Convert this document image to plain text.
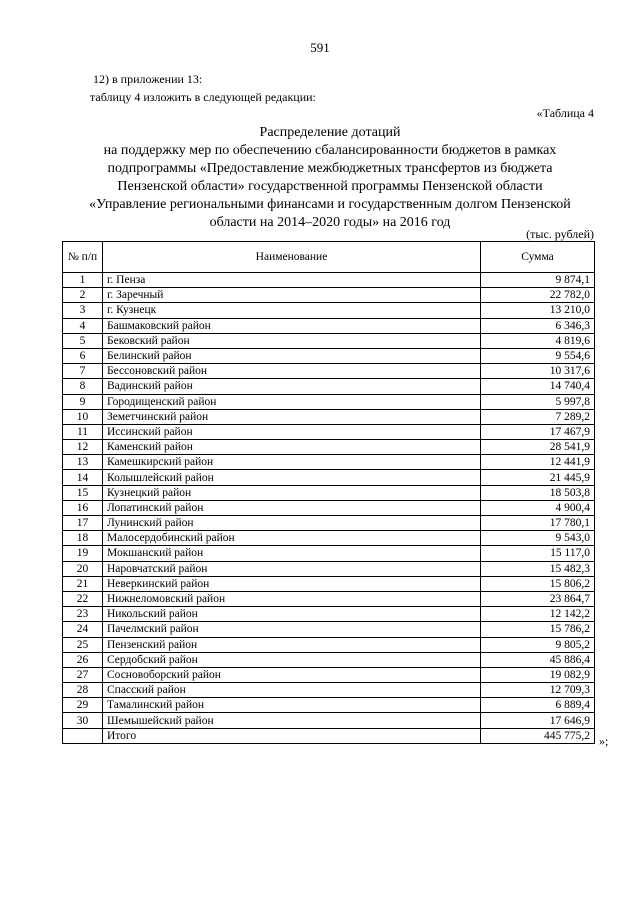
591
12) в приложении 13:
таблицу 4 изложить в следующей редакции:
«Таблица 4
Распределение дотаций
на поддержку мер по обеспечению сбалансированности бюджетов в рамках
подпрограммы «Предоставление межбюджетных трансфертов из бюджета
Пензенской области» государственной программы Пензенской области
«Управление региональными финансами и государственным долгом Пензенской
области на 2014–2020 годы» на 2016 год
(тыс. рублей)
№ п/п	Наименование	Сумма
1	г. Пенза	9 874,1
2	г. Заречный	22 782,0
3	г. Кузнецк	13 210,0
4	Башмаковский район	6 346,3
5	Бековский район	4 819,6
6	Белинский район	9 554,6
7	Бессоновский район	10 317,6
8	Вадинский район	14 740,4
9	Городищенский район	5 997,8
10	Земетчинский район	7 289,2
11	Иссинский район	17 467,9
12	Каменский район	28 541,9
13	Камешкирский район	12 441,9
14	Колышлейский район	21 445,9
15	Кузнецкий район	18 503,8
16	Лопатинский район	4 900,4
17	Лунинский район	17 780,1
18	Малосердобинский район	9 543,0
19	Мокшанский район	15 117,0
20	Наровчатский район	15 482,3
21	Неверкинский район	15 806,2
22	Нижнеломовский район	23 864,7
23	Никольский район	12 142,2
24	Пачелмский район	15 786,2
25	Пензенский район	9 805,2
26	Сердобский район	45 886,4
27	Сосновоборский район	19 082,9
28	Спасский район	12 709,3
29	Тамалинский район	6 889,4
30	Шемышейский район	17 646,9
	Итого	445 775,2 »;
